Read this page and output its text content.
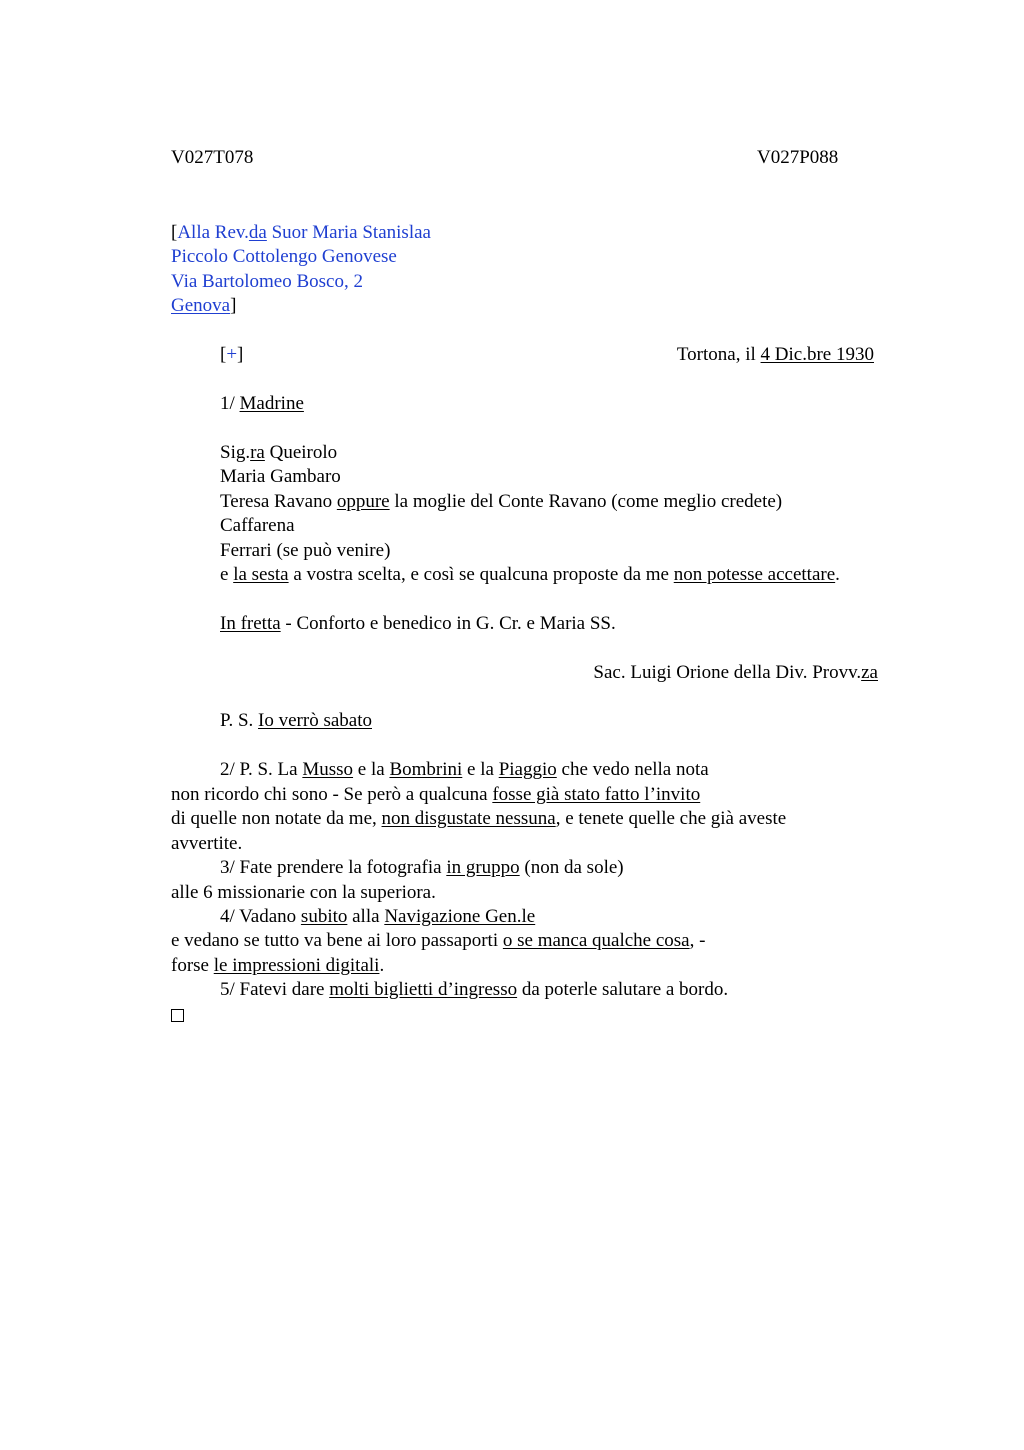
V027T078	V027P088
[Alla Rev.da Suor Maria Stanislaa
Piccolo Cottolengo Genovese
Via Bartolomeo Bosco, 2
Genova]
[+]	Tortona, il 4 Dic.bre 1930
1/ Madrine
Sig.ra Queirolo
Maria Gambaro
Teresa Ravano oppure la moglie del Conte Ravano (come meglio credete)
Caffarena
Ferrari (se può venire)
e la sesta a vostra scelta, e così se qualcuna proposte da me non potesse accettare.
In fretta - Conforto e benedico in G. Cr. e Maria SS.
Sac. Luigi Orione della Div. Provv.za
P. S. Io verrò sabato
2/ P. S. La Musso e la Bombrini e la Piaggio che vedo nella nota
non ricordo chi sono - Se però a qualcuna fosse già stato fatto l’invito
di quelle non notate da me, non disgustate nessuna, e tenete quelle che già aveste
avvertite.
3/ Fate prendere la fotografia in gruppo (non da sole)
alle 6 missionarie con la superiora.
4/ Vadano subito alla Navigazione Gen.le
e vedano se tutto va bene ai loro passaporti o se manca qualche cosa, -
forse le impressioni digitali.
5/ Fatevi dare molti biglietti d’ingresso da poterle salutare a bordo.
